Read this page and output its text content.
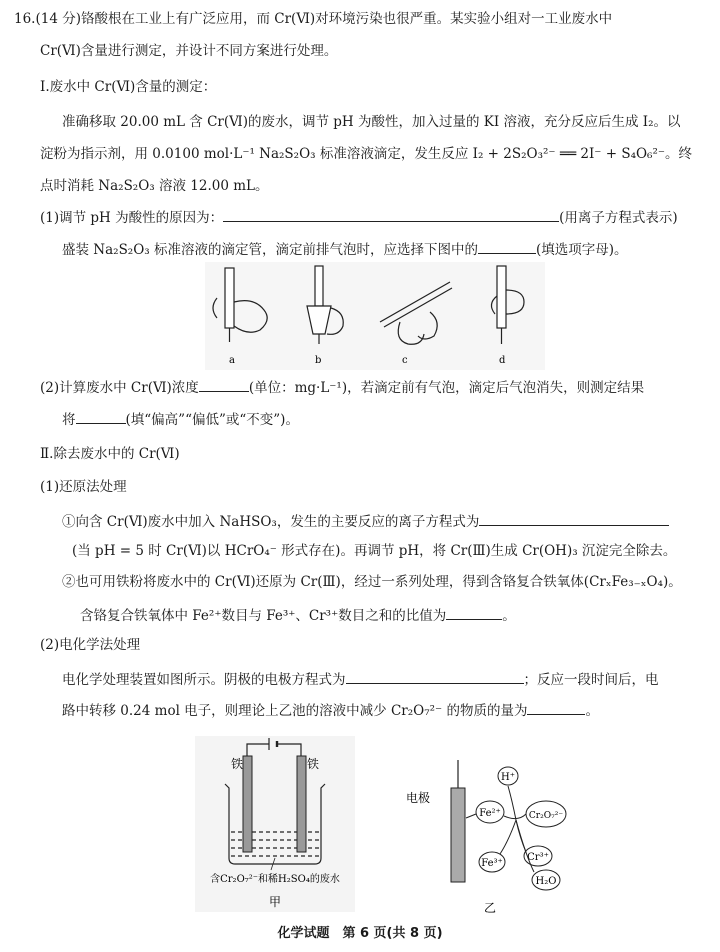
16.(14 分)铬酸根在工业上有广泛应用，而 Cr(Ⅵ)对环境污染也很严重。某实验小组对一工业废水中
Cr(Ⅵ)含量进行测定，并设计不同方案进行处理。
Ⅰ.废水中 Cr(Ⅵ)含量的测定：
准确移取 20.00 mL 含 Cr(Ⅵ)的废水，调节 pH 为酸性，加入过量的 KI 溶液，充分反应后生成 I₂。以
淀粉为指示剂，用 0.0100 mol·L⁻¹ Na₂S₂O₃ 标准溶液滴定，发生反应 I₂ + 2S₂O₃²⁻ ══ 2I⁻ + S₄O₆²⁻。终
点时消耗 Na₂S₂O₃ 溶液 12.00 mL。
(1)调节 pH 为酸性的原因为：	(用离子方程式表示)
盛装 Na₂S₂O₃ 标准溶液的滴定管，滴定前排气泡时，应选择下图中的	(填选项字母)。
a	b	c	d
(2)计算废水中 Cr(Ⅵ)浓度	(单位：mg·L⁻¹)，若滴定前有气泡，滴定后气泡消失，则测定结果
将	(填“偏高”“偏低”或“不变”)。
Ⅱ.除去废水中的 Cr(Ⅵ)
(1)还原法处理
①向含 Cr(Ⅵ)废水中加入 NaHSO₃，发生的主要反应的离子方程式为
(当 pH = 5 时 Cr(Ⅵ)以 HCrO₄⁻ 形式存在)。再调节 pH，将 Cr(Ⅲ)生成 Cr(OH)₃ 沉淀完全除去。
②也可用铁粉将废水中的 Cr(Ⅵ)还原为 Cr(Ⅲ)，经过一系列处理，得到含铬复合铁氧体(CrₓFe₃₋ₓO₄)。
含铬复合铁氧体中 Fe²⁺数目与 Fe³⁺、Cr³⁺数目之和的比值为	。
(2)电化学法处理
电化学处理装置如图所示。阴极的电极方程式为	；反应一段时间后，电
路中转移 0.24 mol 电子，则理论上乙池的溶液中减少 Cr₂O₇²⁻ 的物质的量为	。
铁	铁
含Cr₂O₇²⁻和稀H₂SO₄的废水
甲
电极
H⁺
Fe²⁺	Cr₂O₇²⁻
Cr³⁺
Fe³⁺
H₂O
乙
化学试题　第 6 页(共 8 页)
